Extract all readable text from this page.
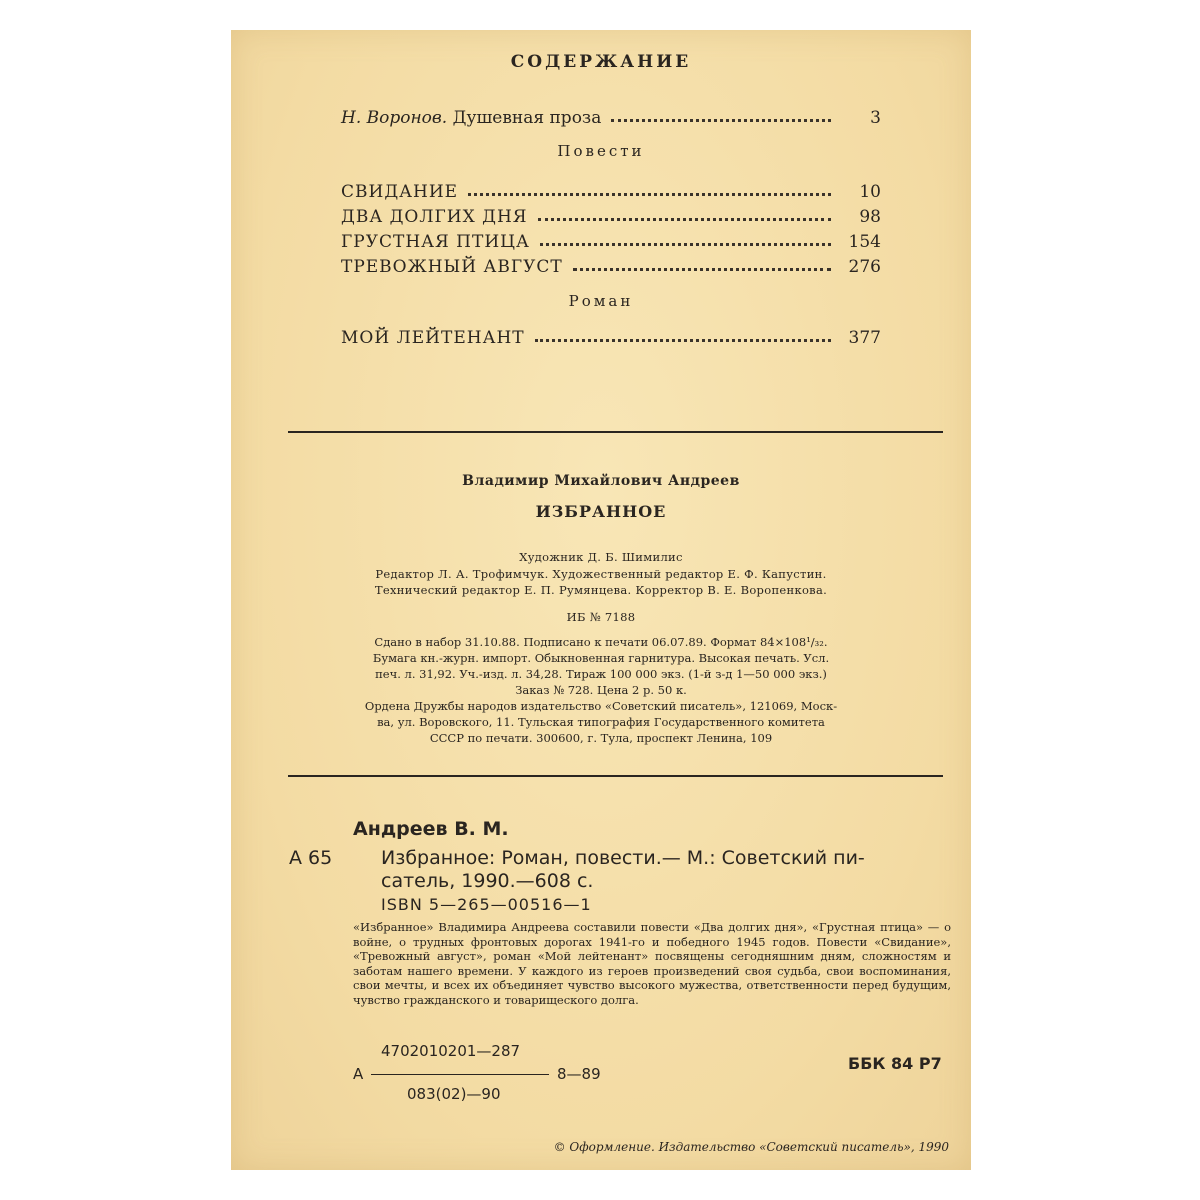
СОДЕРЖАНИЕ
Н. Воронов. Душевная проза	3
Повести
СВИДАНИЕ	10
ДВА ДОЛГИХ ДНЯ	98
ГРУСТНАЯ ПТИЦА	154
ТРЕВОЖНЫЙ АВГУСТ	276
Роман
МОЙ ЛЕЙТЕНАНТ	377
Владимир Михайлович Андреев
ИЗБРАННОЕ
Художник Д. Б. Шимилис
Редактор Л. А. Трофимчук. Художественный редактор Е. Ф. Капустин.
Технический редактор Е. П. Румянцева. Корректор В. Е. Воропенкова.
ИБ № 7188
Сдано в набор 31.10.88. Подписано к печати 06.07.89. Формат 84×108¹/₃₂.
Бумага кн.-журн. импорт. Обыкновенная гарнитура. Высокая печать. Усл.
печ. л. 31,92. Уч.-изд. л. 34,28. Тираж 100 000 экз. (1-й з-д 1—50 000 экз.)
Заказ № 728. Цена 2 р. 50 к.
Ордена Дружбы народов издательство «Советский писатель», 121069, Моск-
ва, ул. Воровского, 11. Тульская типография Государственного комитета
СССР по печати. 300600, г. Тула, проспект Ленина, 109
Андреев В. М.
А 65	Избранное: Роман, повести.— М.: Советский пи-
сатель, 1990.—608 с.
ISBN 5—265—00516—1
«Избранное» Владимира Андреева составили повести «Два долгих дня», «Грустная птица» — о войне, о трудных фронтовых дорогах 1941-го и победного 1945 годов. Повести «Свидание», «Тревожный август», роман «Мой лейтенант» посвящены сегодняшним дням, сложностям и заботам нашего времени. У каждого из героев произведений своя судьба, свои воспоминания, свои мечты, и всех их объединяет чувство высокого мужества, ответственности перед будущим, чувство гражданского и товарищеского долга.
4702010201—287
А	8—89
083(02)—90
ББК 84 Р7
© Оформление. Издательство «Советский писатель», 1990
